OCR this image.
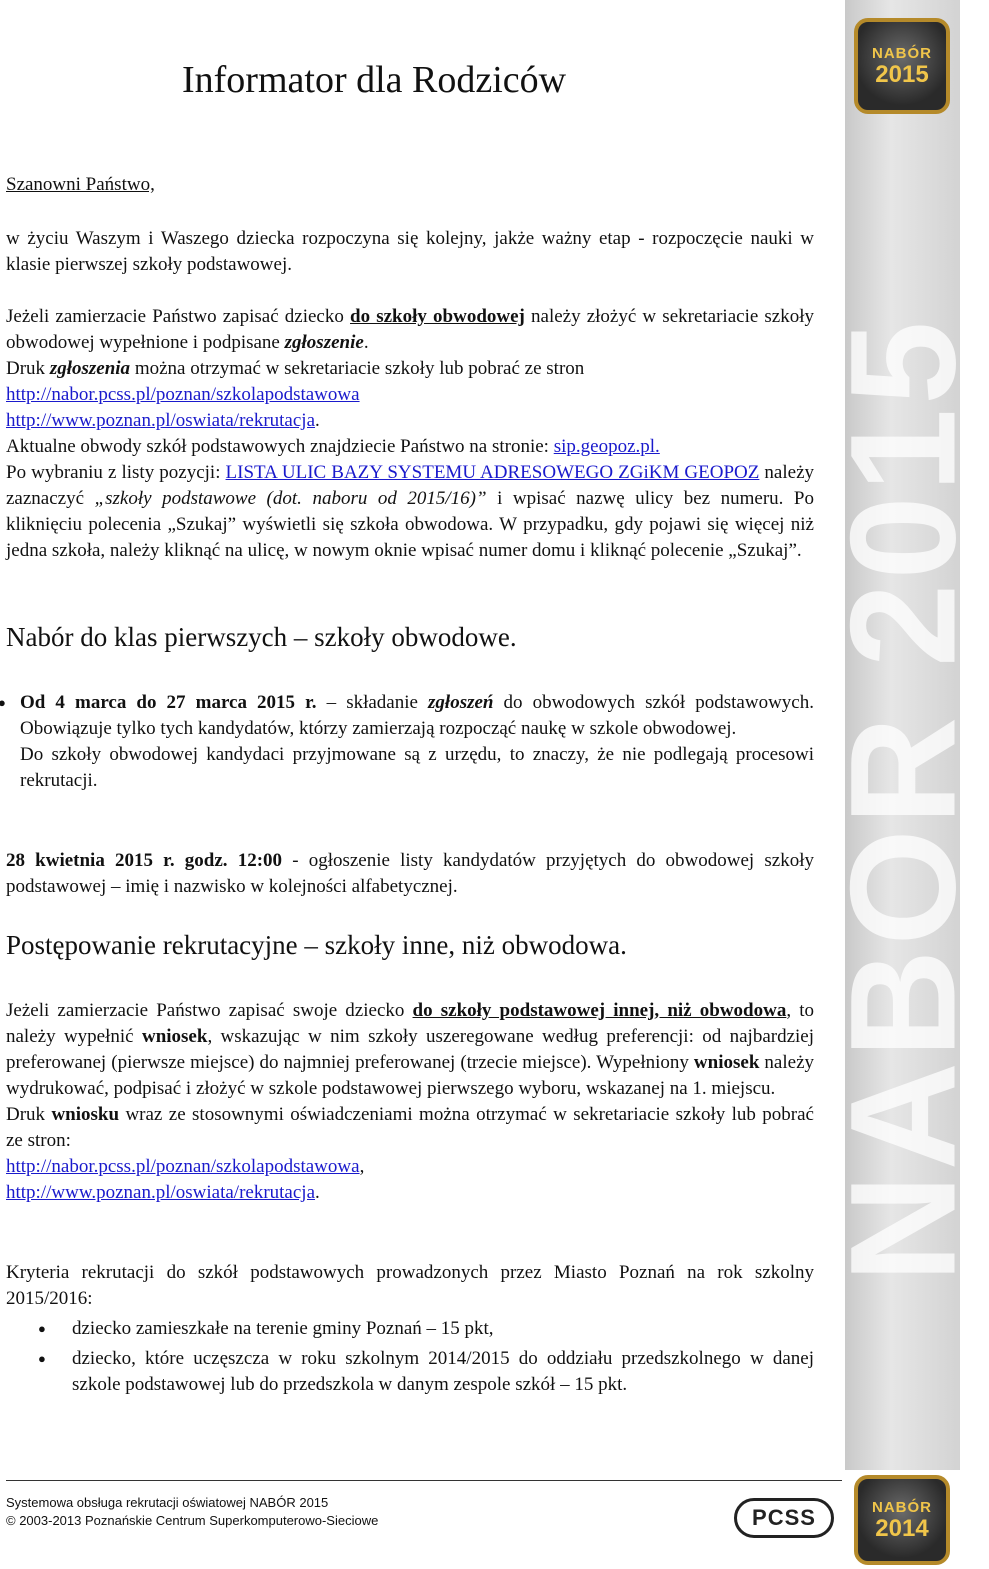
NABÓR 2015
NABÓR
2015
NABÓR
2014
Informator dla Rodziców

Szanowni Państwo,

w życiu Waszym i Waszego dziecka rozpoczyna się kolejny, jakże ważny etap - rozpoczęcie nauki w klasie pierwszej szkoły podstawowej.

Jeżeli zamierzacie Państwo zapisać dziecko do szkoły obwodowej należy złożyć w sekretariacie szkoły obwodowej wypełnione i podpisane zgłoszenie.

Druk zgłoszenia można otrzymać w sekretariacie szkoły lub pobrać ze stron

http://nabor.pcss.pl/poznan/szkolapodstawowa
http://www.poznan.pl/oswiata/rekrutacja.

Aktualne obwody szkół podstawowych znajdziecie Państwo na stronie: sip.geopoz.pl.

Po wybraniu z listy pozycji: LISTA ULIC BAZY SYSTEMU ADRESOWEGO ZGiKM GEOPOZ należy zaznaczyć „szkoły podstawowe (dot. naboru od 2015/16)” i wpisać nazwę ulicy bez numeru. Po kliknięciu polecenia „Szukaj” wyświetli się szkoła obwodowa. W przypadku, gdy pojawi się więcej niż jedna szkoła, należy kliknąć na ulicę, w nowym oknie wpisać numer domu i kliknąć polecenie „Szukaj”.

Nabór do klas pierwszych – szkoły obwodowe.
● Od 4 marca do 27 marca 2015 r. – składanie zgłoszeń do obwodowych szkół podstawowych. Obowiązuje tylko tych kandydatów, którzy zamierzają rozpocząć naukę w szkole obwodowej.

Do szkoły obwodowej kandydaci przyjmowane są z urzędu, to znaczy, że nie podlegają procesowi rekrutacji.

28 kwietnia 2015 r. godz. 12:00 - ogłoszenie listy kandydatów przyjętych do obwodowej szkoły podstawowej – imię i nazwisko w kolejności alfabetycznej.

Postępowanie rekrutacyjne – szkoły inne, niż obwodowa.

Jeżeli zamierzacie Państwo zapisać swoje dziecko do szkoły podstawowej innej, niż obwodowa, to należy wypełnić wniosek, wskazując w nim szkoły uszeregowane według preferencji: od najbardziej preferowanej (pierwsze miejsce) do najmniej preferowanej (trzecie miejsce). Wypełniony wniosek należy wydrukować, podpisać i złożyć w szkole podstawowej pierwszego wyboru, wskazanej na 1. miejscu.

Druk wniosku wraz ze stosownymi oświadczeniami można otrzymać w sekretariacie szkoły lub pobrać ze stron:

http://nabor.pcss.pl/poznan/szkolapodstawowa,
http://www.poznan.pl/oswiata/rekrutacja.

Kryteria rekrutacji do szkół podstawowych prowadzonych przez Miasto Poznań na rok szkolny 2015/2016:

● dziecko zamieszkałe na terenie gminy Poznań – 15 pkt,
● dziecko, które uczęszcza w roku szkolnym 2014/2015 do oddziału przedszkolnego w danej szkole podstawowej lub do przedszkola w danym zespole szkół – 15 pkt.
Systemowa obsługa rekrutacji oświatowej NABÓR 2015
© 2003-2013 Poznańskie Centrum Superkomputerowo-Sieciowe	PCSS
